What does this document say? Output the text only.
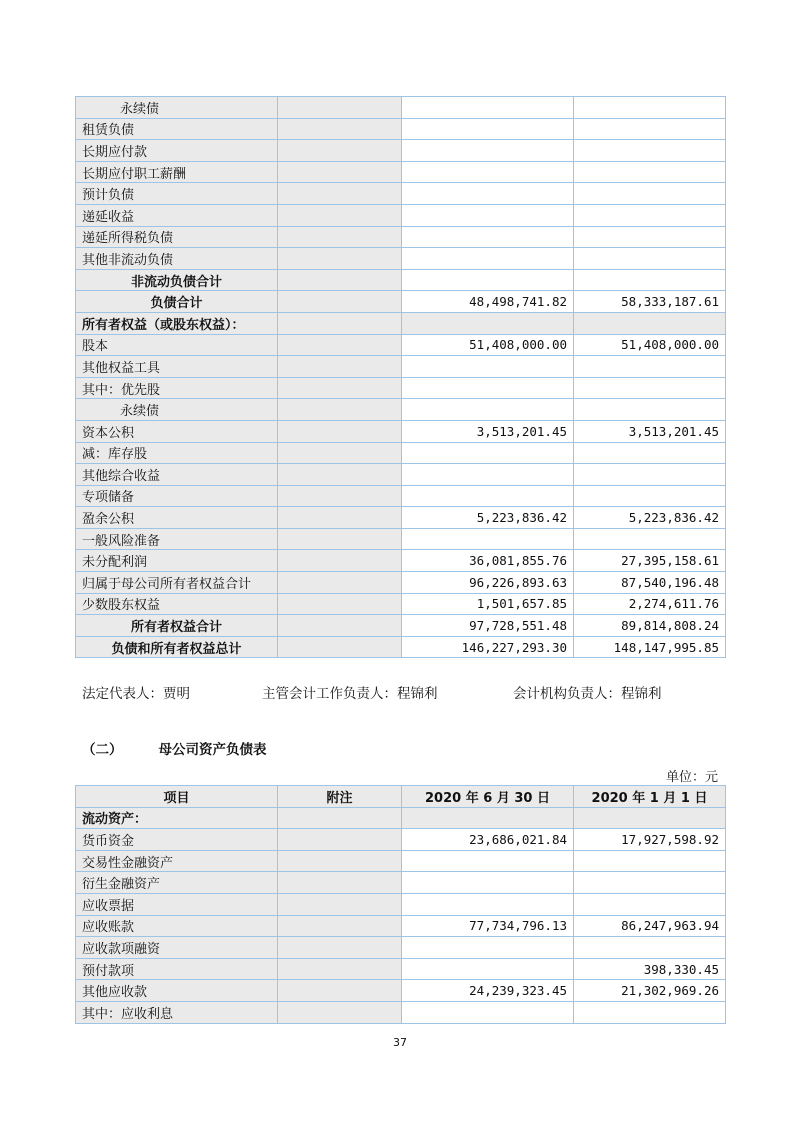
永续债			
租赁负债			
长期应付款			
长期应付职工薪酬			
预计负债			
递延收益			
递延所得税负债			
其他非流动负债			
非流动负债合计			
负债合计		48,498,741.82	58,333,187.61
所有者权益（或股东权益）：			
股本		51,408,000.00	51,408,000.00
其他权益工具			
其中：优先股			
永续债			
资本公积		3,513,201.45	3,513,201.45
减：库存股			
其他综合收益			
专项储备			
盈余公积		5,223,836.42	5,223,836.42
一般风险准备			
未分配利润		36,081,855.76	27,395,158.61
归属于母公司所有者权益合计		96,226,893.63	87,540,196.48
少数股东权益		1,501,657.85	2,274,611.76
所有者权益合计		97,728,551.48	89,814,808.24
负债和所有者权益总计		146,227,293.30	148,147,995.85
法定代表人：贾明	主管会计工作负责人：程锦利	会计机构负责人：程锦利
（二）	母公司资产负债表
单位：元
项目	附注	2020 年 6 月 30 日	2020 年 1 月 1 日
流动资产：			
货币资金		23,686,021.84	17,927,598.92
交易性金融资产			
衍生金融资产			
应收票据			
应收账款		77,734,796.13	86,247,963.94
应收款项融资			
预付款项			398,330.45
其他应收款		24,239,323.45	21,302,969.26
其中：应收利息			
37
